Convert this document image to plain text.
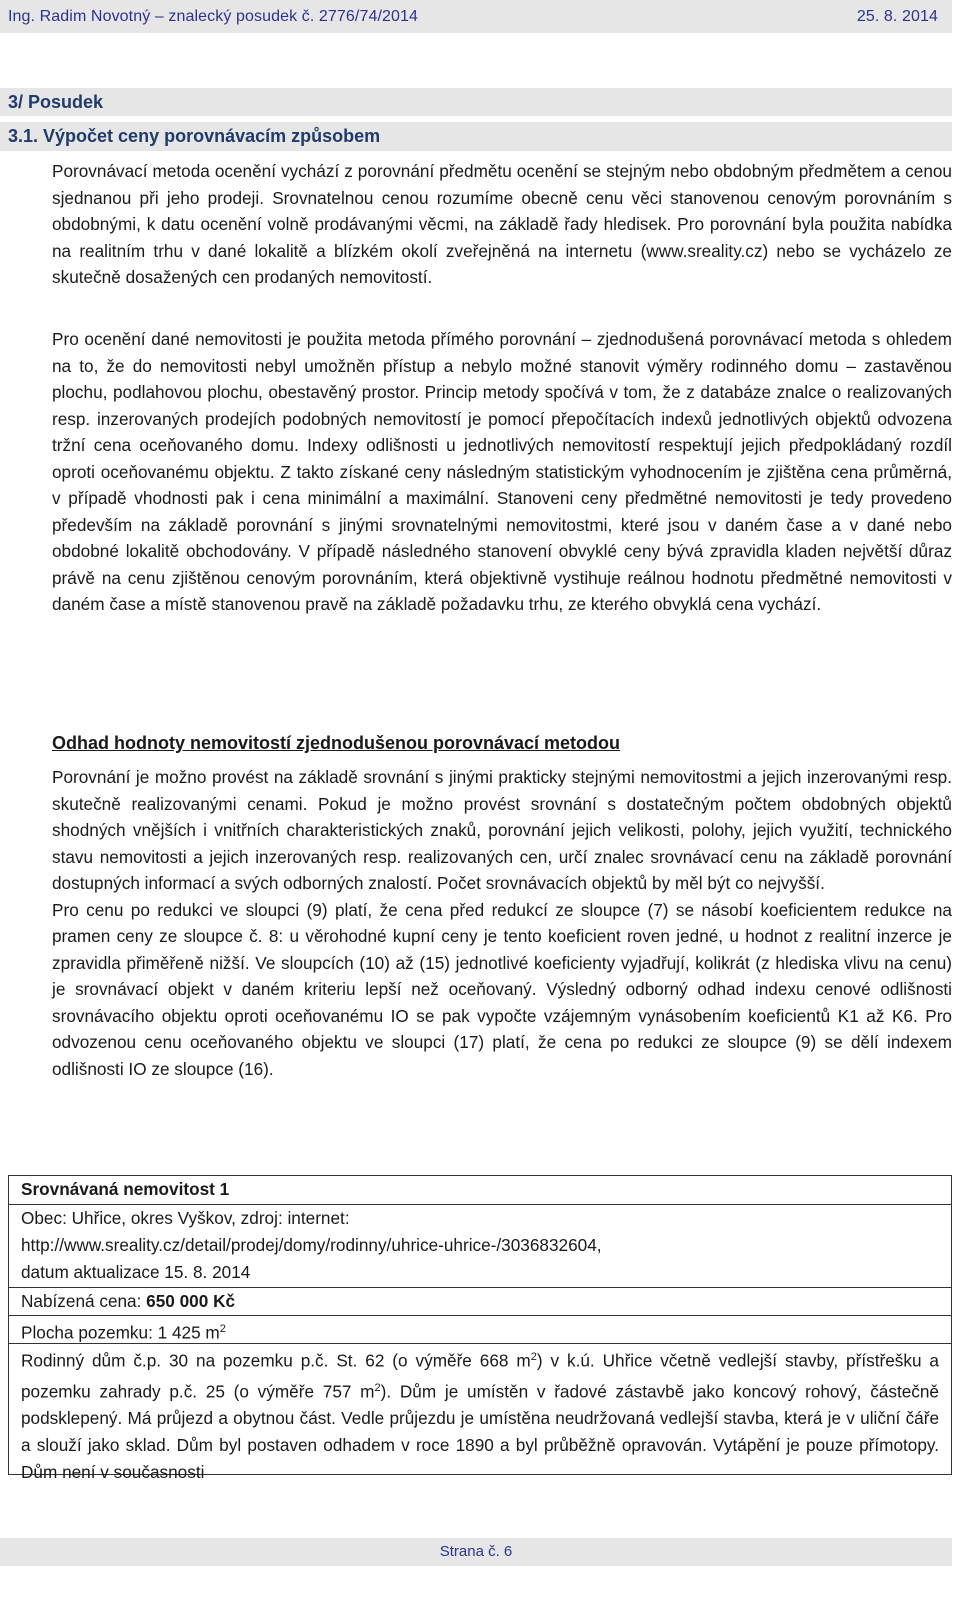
Ing. Radim Novotný – znalecký posudek č. 2776/74/2014	25. 8. 2014
3/ Posudek
3.1. Výpočet ceny porovnávacím způsobem

Porovnávací metoda ocenění vychází z porovnání předmětu ocenění se stejným nebo obdobným předmětem a cenou sjednanou při jeho prodeji. Srovnatelnou cenou rozumíme obecně cenu věci stanovenou cenovým porovnáním s obdobnými, k datu ocenění volně prodávanými věcmi, na základě řady hledisek. Pro porovnání byla použita nabídka na realitním trhu v dané lokalitě a blízkém okolí zveřejněná na internetu (www.sreality.cz) nebo se vycházelo ze skutečně dosažených cen prodaných nemovitostí.

Pro ocenění dané nemovitosti je použita metoda přímého porovnání – zjednodušená porovnávací metoda s ohledem na to, že do nemovitosti nebyl umožněn přístup a nebylo možné stanovit výměry rodinného domu – zastavěnou plochu, podlahovou plochu, obestavěný prostor. Princip metody spočívá v tom, že z databáze znalce o realizovaných resp. inzerovaných prodejích podobných nemovitostí je pomocí přepočítacích indexů jednotlivých objektů odvozena tržní cena oceňovaného domu. Indexy odlišnosti u jednotlivých nemovitostí respektují jejich předpokládaný rozdíl oproti oceňovanému objektu. Z takto získané ceny následným statistickým vyhodnocením je zjištěna cena průměrná, v případě vhodnosti pak i cena minimální a maximální. Stanoveni ceny předmětné nemovitosti je tedy provedeno především na základě porovnání s jinými srovnatelnými nemovitostmi, které jsou v daném čase a v dané nebo obdobné lokalitě obchodovány. V případě následného stanovení obvyklé ceny bývá zpravidla kladen největší důraz právě na cenu zjištěnou cenovým porovnáním, která objektivně vystihuje reálnou hodnotu předmětné nemovitosti v daném čase a místě stanovenou pravě na základě požadavku trhu, ze kterého obvyklá cena vychází.

Odhad hodnoty nemovitostí zjednodušenou porovnávací metodou

Porovnání je možno provést na základě srovnání s jinými prakticky stejnými nemovitostmi a jejich inzerovanými resp. skutečně realizovanými cenami. Pokud je možno provést srovnání s dostatečným počtem obdobných objektů shodných vnějších i vnitřních charakteristických znaků, porovnání jejich velikosti, polohy, jejich využití, technického stavu nemovitosti a jejich inzerovaných resp. realizovaných cen, určí znalec srovnávací cenu na základě porovnání dostupných informací a svých odborných znalostí. Počet srovnávacích objektů by měl být co nejvyšší.

Pro cenu po redukci ve sloupci (9) platí, že cena před redukcí ze sloupce (7) se násobí koeficientem redukce na pramen ceny ze sloupce č. 8: u věrohodné kupní ceny je tento koeficient roven jedné, u hodnot z realitní inzerce je zpravidla přiměřeně nižší. Ve sloupcích (10) až (15) jednotlivé koeficienty vyjadřují, kolikrát (z hlediska vlivu na cenu) je srovnávací objekt v daném kriteriu lepší než oceňovaný. Výsledný odborný odhad indexu cenové odlišnosti srovnávacího objektu oproti oceňovanému IO se pak vypočte vzájemným vynásobením koeficientů K1 až K6. Pro odvozenou cenu oceňovaného objektu ve sloupci (17) platí, že cena po redukci ze sloupce (9) se dělí indexem odlišnosti IO ze sloupce (16).

Srovnávaná nemovitost 1
Obec: Uhřice, okres Vyškov, zdroj: internet:
http://www.sreality.cz/detail/prodej/domy/rodinny/uhrice-uhrice-/3036832604,
datum aktualizace 15. 8. 2014
Nabízená cena: 650 000 Kč
Plocha pozemku: 1 425 $m^2$

Rodinný dům č.p. 30 na pozemku p.č. St. 62 (o výměře 668 $m^2$) v k.ú. Uhřice včetně vedlejší stavby, přístřešku a pozemku zahrady p.č. 25 (o výměře 757 $m^2$). Dům je umístěn v řadové zástavbě jako koncový rohový, částečně podsklepený. Má průjezd a obytnou část. Vedle průjezdu je umístěna neudržovaná vedlejší stavba, která je v uliční čáře a slouží jako sklad. Dům byl postaven odhadem v roce 1890 a byl průběžně opravován. Vytápění je pouze přímotopy. Dům není v současnosti

Strana č. 6
